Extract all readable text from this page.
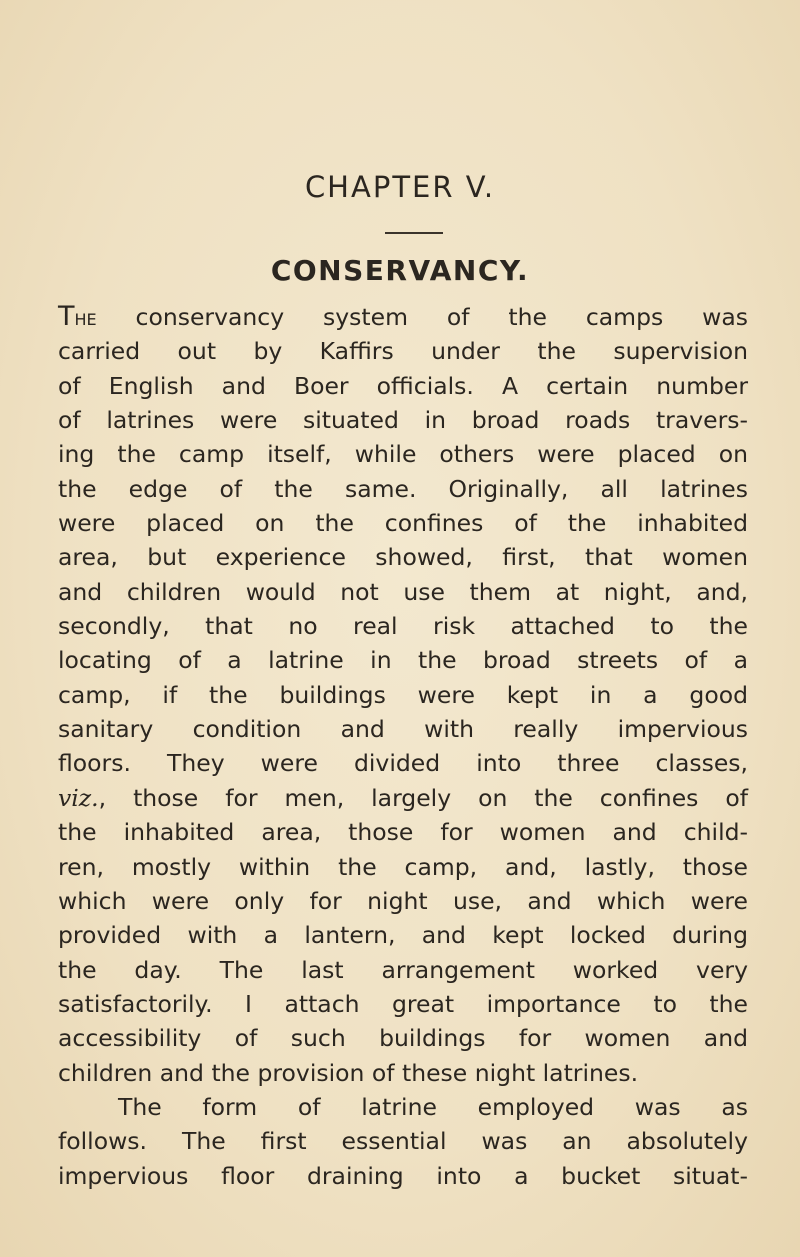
CHAPTER V.
CONSERVANCY.
The conservancy system of the camps was
carried out by Kaffirs under the supervision
of English and Boer officials. A certain number
of latrines were situated in broad roads travers-
ing the camp itself, while others were placed on
the edge of the same. Originally, all latrines
were placed on the confines of the inhabited
area, but experience showed, first, that women
and children would not use them at night, and,
secondly, that no real risk attached to the
locating of a latrine in the broad streets of a
camp, if the buildings were kept in a good
sanitary condition and with really impervious
floors. They were divided into three classes,
viz., those for men, largely on the confines of
the inhabited area, those for women and child-
ren, mostly within the camp, and, lastly, those
which were only for night use, and which were
provided with a lantern, and kept locked during
the day. The last arrangement worked very
satisfactorily. I attach great importance to the
accessibility of such buildings for women and
children and the provision of these night latrines.
The form of latrine employed was as
follows. The first essential was an absolutely
impervious floor draining into a bucket situat-
